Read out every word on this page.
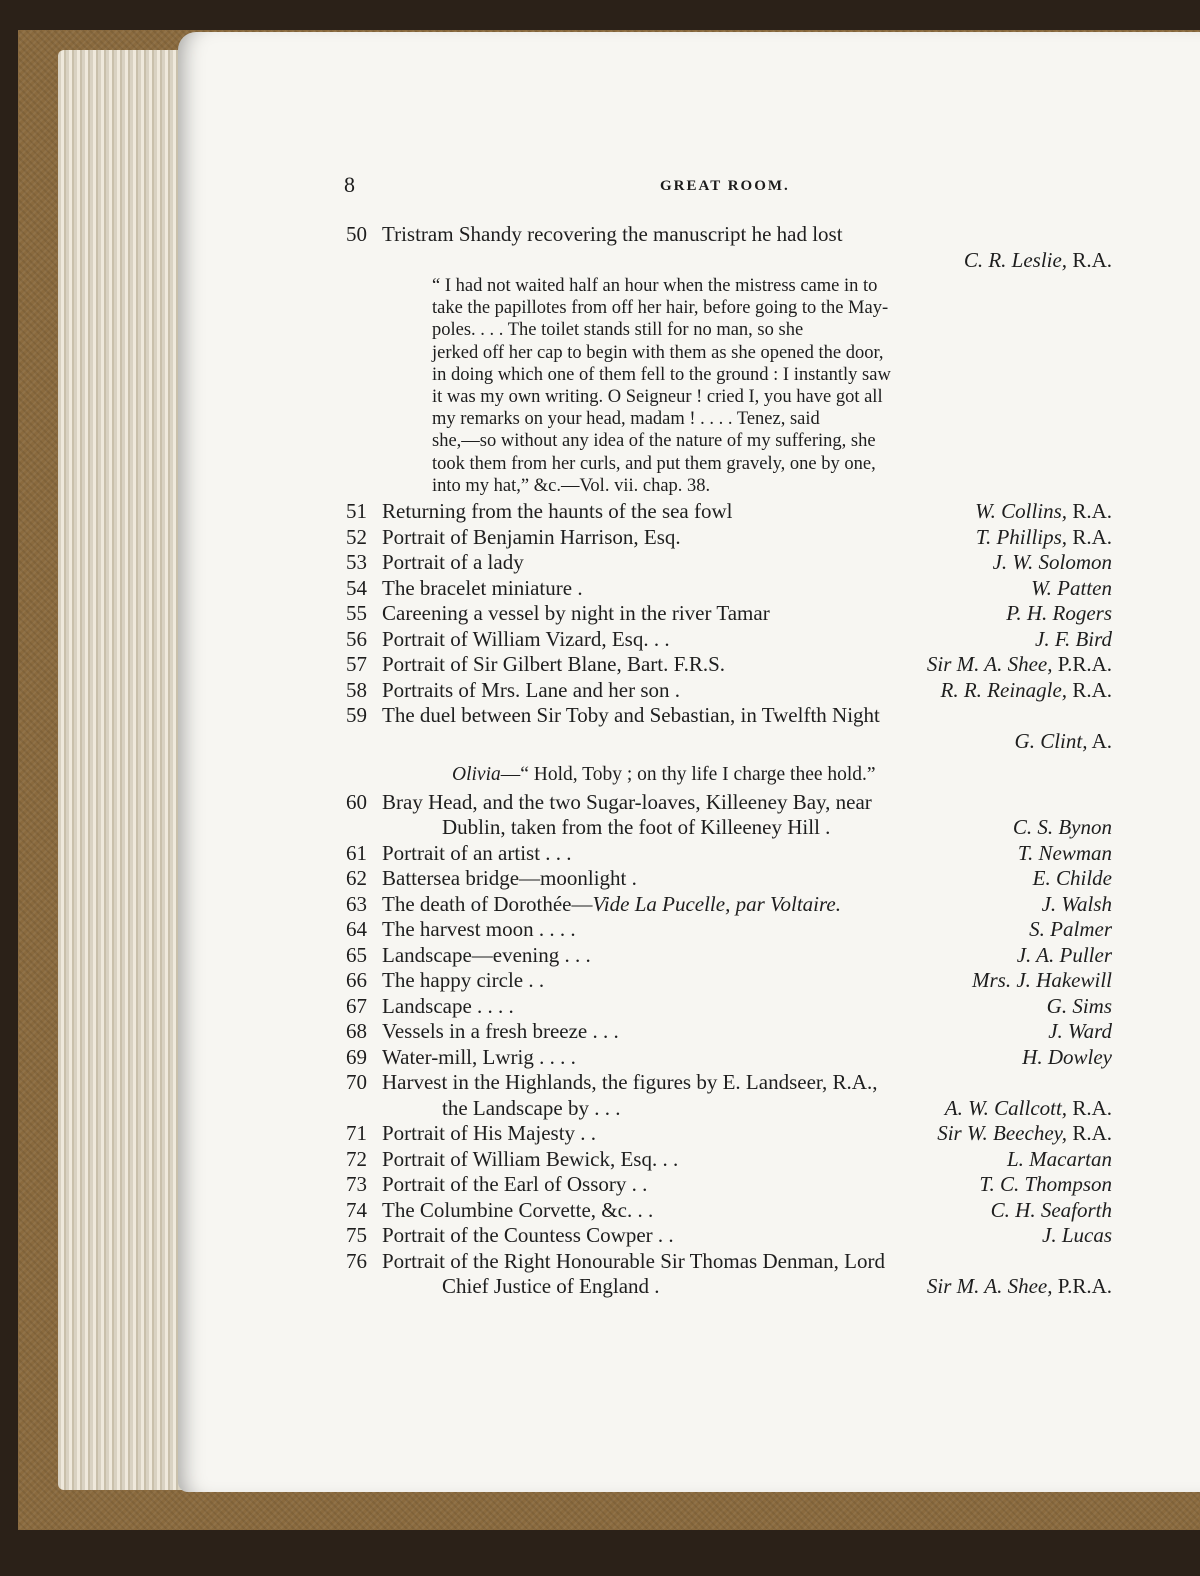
8	GREAT ROOM.
50 Tristram Shandy recovering the manuscript he had lost
C. R. Leslie, R.A.
“ I had not waited half an hour when the mistress came in to
take the papillotes from off her hair, before going to the May-
poles. . . . The toilet stands still for no man, so she
jerked off her cap to begin with them as she opened the door,
in doing which one of them fell to the ground : I instantly saw
it was my own writing. O Seigneur ! cried I, you have got all
my remarks on your head, madam ! . . . . Tenez, said
she,—so without any idea of the nature of my suffering, she
took them from her curls, and put them gravely, one by one,
into my hat,” &c.—Vol. vii. chap. 38.
51 Returning from the haunts of the sea fowl	W. Collins, R.A.
52 Portrait of Benjamin Harrison, Esq.	T. Phillips, R.A.
53 Portrait of a lady	J. W. Solomon
54 The bracelet miniature .	W. Patten
55 Careening a vessel by night in the river Tamar	P. H. Rogers
56 Portrait of William Vizard, Esq. . .	J. F. Bird
57 Portrait of Sir Gilbert Blane, Bart. F.R.S.	Sir M. A. Shee, P.R.A.
58 Portraits of Mrs. Lane and her son .	R. R. Reinagle, R.A.
59 The duel between Sir Toby and Sebastian, in Twelfth Night
G. Clint, A.
Olivia—“ Hold, Toby ; on thy life I charge thee hold.”
60 Bray Head, and the two Sugar-loaves, Killeeney Bay, near
Dublin, taken from the foot of Killeeney Hill .	C. S. Bynon
61 Portrait of an artist . . .	T. Newman
62 Battersea bridge—moonlight .	E. Childe
63 The death of Dorothée—Vide La Pucelle, par Voltaire.	J. Walsh
64 The harvest moon . . . .	S. Palmer
65 Landscape—evening . . .	J. A. Puller
66 The happy circle . .	Mrs. J. Hakewill
67 Landscape . . . .	G. Sims
68 Vessels in a fresh breeze . . .	J. Ward
69 Water-mill, Lwrig . . . .	H. Dowley
70 Harvest in the Highlands, the figures by E. Landseer, R.A.,
the Landscape by . . .	A. W. Callcott, R.A.
71 Portrait of His Majesty . .	Sir W. Beechey, R.A.
72 Portrait of William Bewick, Esq. . .	L. Macartan
73 Portrait of the Earl of Ossory . .	T. C. Thompson
74 The Columbine Corvette, &c. . .	C. H. Seaforth
75 Portrait of the Countess Cowper . .	J. Lucas
76 Portrait of the Right Honourable Sir Thomas Denman, Lord
Chief Justice of England .	Sir M. A. Shee, P.R.A.
